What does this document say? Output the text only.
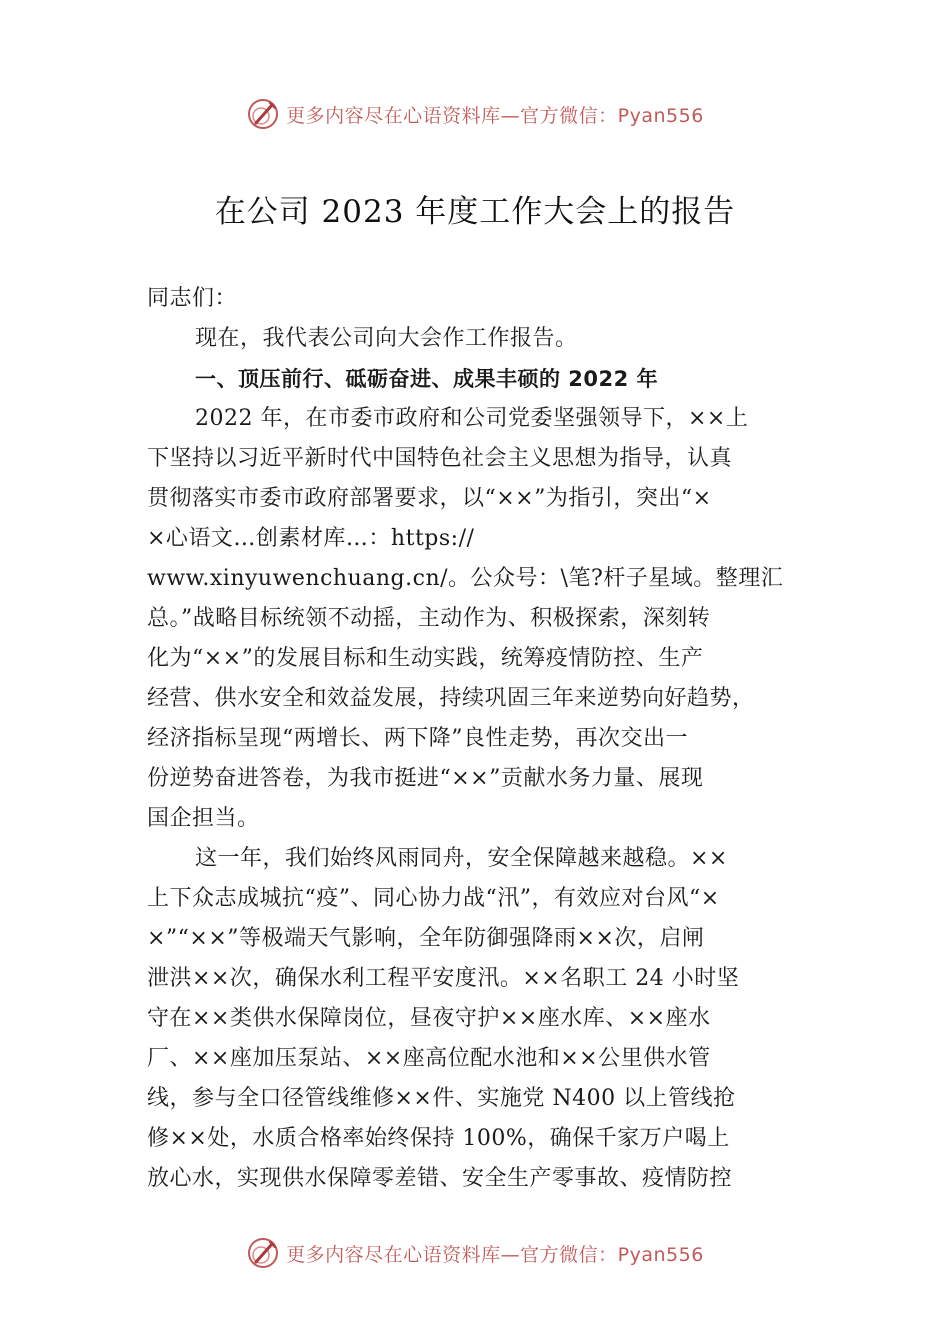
更多内容尽在心语资料库—官方微信：Pyan556
在公司 2023 年度工作大会上的报告
同志们：
现在，我代表公司向大会作工作报告。
一、顶压前行、砥砺奋进、成果丰硕的 2022 年
2022 年，在市委市政府和公司党委坚强领导下，××上
下坚持以习近平新时代中国特色社会主义思想为指导，认真
贯彻落实市委市政府部署要求，以“××”为指引，突出“×
×心语文…创素材库…：https://
www.xinyuwenchuang.cn/。公众号：\笔?杆子星域。整理汇
总。”战略目标统领不动摇，主动作为、积极探索，深刻转
化为“××”的发展目标和生动实践，统筹疫情防控、生产
经营、供水安全和效益发展，持续巩固三年来逆势向好趋势，
经济指标呈现“两增长、两下降”良性走势，再次交出一
份逆势奋进答卷，为我市挺进“××”贡献水务力量、展现
国企担当。
这一年，我们始终风雨同舟，安全保障越来越稳。××
上下众志成城抗“疫”、同心协力战“汛”，有效应对台风“×
×”“××”等极端天气影响，全年防御强降雨××次，启闸
泄洪××次，确保水利工程平安度汛。××名职工 24 小时坚
守在××类供水保障岗位，昼夜守护××座水库、××座水
厂、××座加压泵站、××座高位配水池和××公里供水管
线，参与全口径管线维修××件、实施党 N400 以上管线抢
修××处，水质合格率始终保持 100%，确保千家万户喝上
放心水，实现供水保障零差错、安全生产零事故、疫情防控
更多内容尽在心语资料库—官方微信：Pyan556
